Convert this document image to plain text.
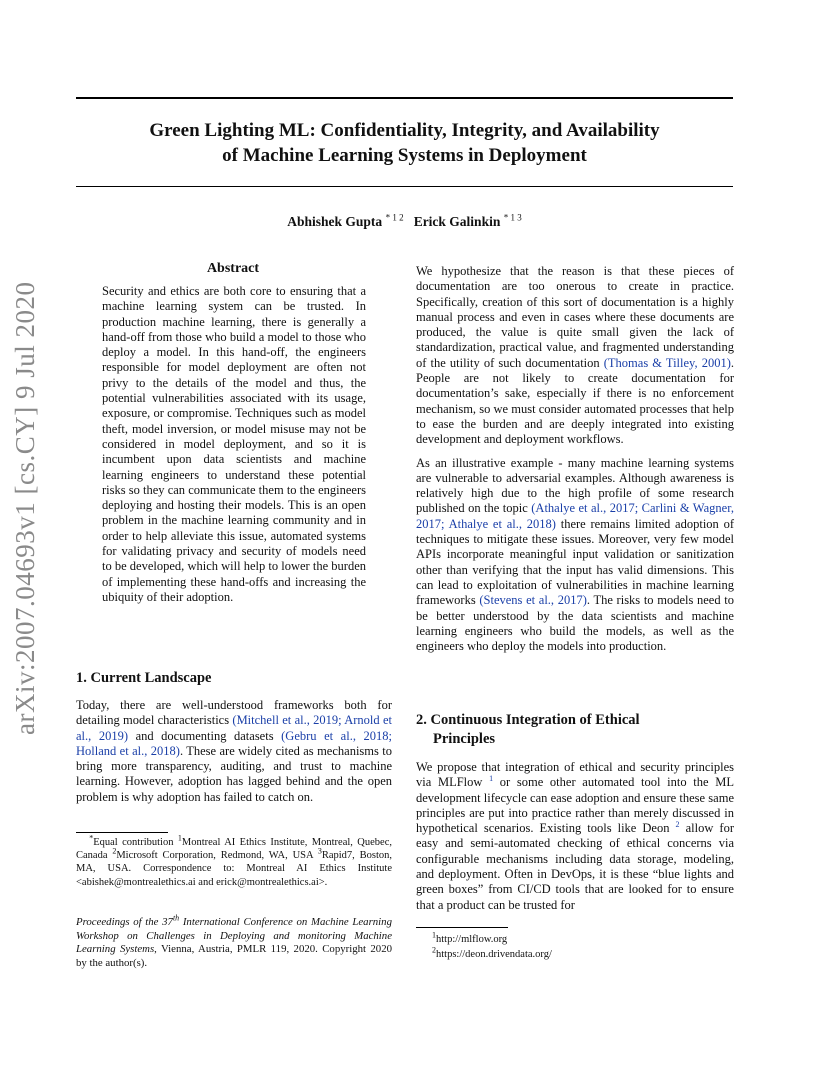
Green Lighting ML: Confidentiality, Integrity, and Availability
of Machine Learning Systems in Deployment
Abhishek Gupta $^{* 1 2}$ Erick Galinkin $^{* 1 3}$
arXiv:2007.04693v1 [cs.CY] 9 Jul 2020
Abstract
Security and ethics are both core to ensuring that a machine learning system can be trusted. In production machine learning, there is generally a hand-off from those who build a model to those who deploy a model. In this hand-off, the engineers responsible for model deployment are often not privy to the details of the model and thus, the potential vulnerabilities associated with its usage, exposure, or compromise. Techniques such as model theft, model inversion, or model misuse may not be considered in model deployment, and so it is incumbent upon data scientists and machine learning engineers to understand these potential risks so they can communicate them to the engineers deploying and hosting their models. This is an open problem in the machine learning community and in order to help alleviate this issue, automated systems for validating privacy and security of models need to be developed, which will help to lower the burden of implementing these hand-offs and increasing the ubiquity of their adoption.
1. Current Landscape
Today, there are well-understood frameworks both for detailing model characteristics (Mitchell et al., 2019; Arnold et al., 2019) and documenting datasets (Gebru et al., 2018; Holland et al., 2018). These are widely cited as mechanisms to bring more transparency, auditing, and trust to machine learning. However, adoption has lagged behind and the open problem is why adoption has failed to catch on.
*Equal contribution $^1$Montreal AI Ethics Institute, Montreal, Quebec, Canada $^2$Microsoft Corporation, Redmond, WA, USA $^3$Rapid7, Boston, MA, USA. Correspondence to: Montreal AI Ethics Institute <abishek@montrealethics.ai and erick@montrealethics.ai>.
Proceedings of the 37th International Conference on Machine Learning Workshop on Challenges in Deploying and monitoring Machine Learning Systems, Vienna, Austria, PMLR 119, 2020. Copyright 2020 by the author(s).

We hypothesize that the reason is that these pieces of documentation are too onerous to create in practice. Specifically, creation of this sort of documentation is a highly manual process and even in cases where these documents are produced, the value is quite small given the lack of standardization, practical value, and fragmented understanding of the utility of such documentation (Thomas & Tilley, 2001). People are not likely to create documentation for documentation’s sake, especially if there is no enforcement mechanism, so we must consider automated processes that help to ease the burden and are deeply integrated into existing development and deployment workflows.

As an illustrative example - many machine learning systems are vulnerable to adversarial examples. Although awareness is relatively high due to the high profile of some research published on the topic (Athalye et al., 2017; Carlini & Wagner, 2017; Athalye et al., 2018) there remains limited adoption of techniques to mitigate these issues. Moreover, very few model APIs incorporate meaningful input validation or sanitization other than verifying that the input has valid dimensions. This can lead to exploitation of vulnerabilities in machine learning frameworks (Stevens et al., 2017). The risks to models need to be better understood by the data scientists and machine learning engineers who build the models, as well as the engineers who deploy the models into production.

2. Continuous Integration of Ethical
Principles
We propose that integration of ethical and security principles via MLFlow $^1$ or some other automated tool into the ML development lifecycle can ease adoption and ensure these same principles are put into practice rather than merely discussed in hypothetical scenarios. Existing tools like Deon $^2$ allow for easy and semi-automated checking of ethical concerns via configurable mechanisms including data storage, modeling, and deployment. Often in DevOps, it is these “blue lights and green boxes” from CI/CD tools that are looked for to ensure that a product can be trusted for
$^1$http://mlflow.org
$^2$https://deon.drivendata.org/
